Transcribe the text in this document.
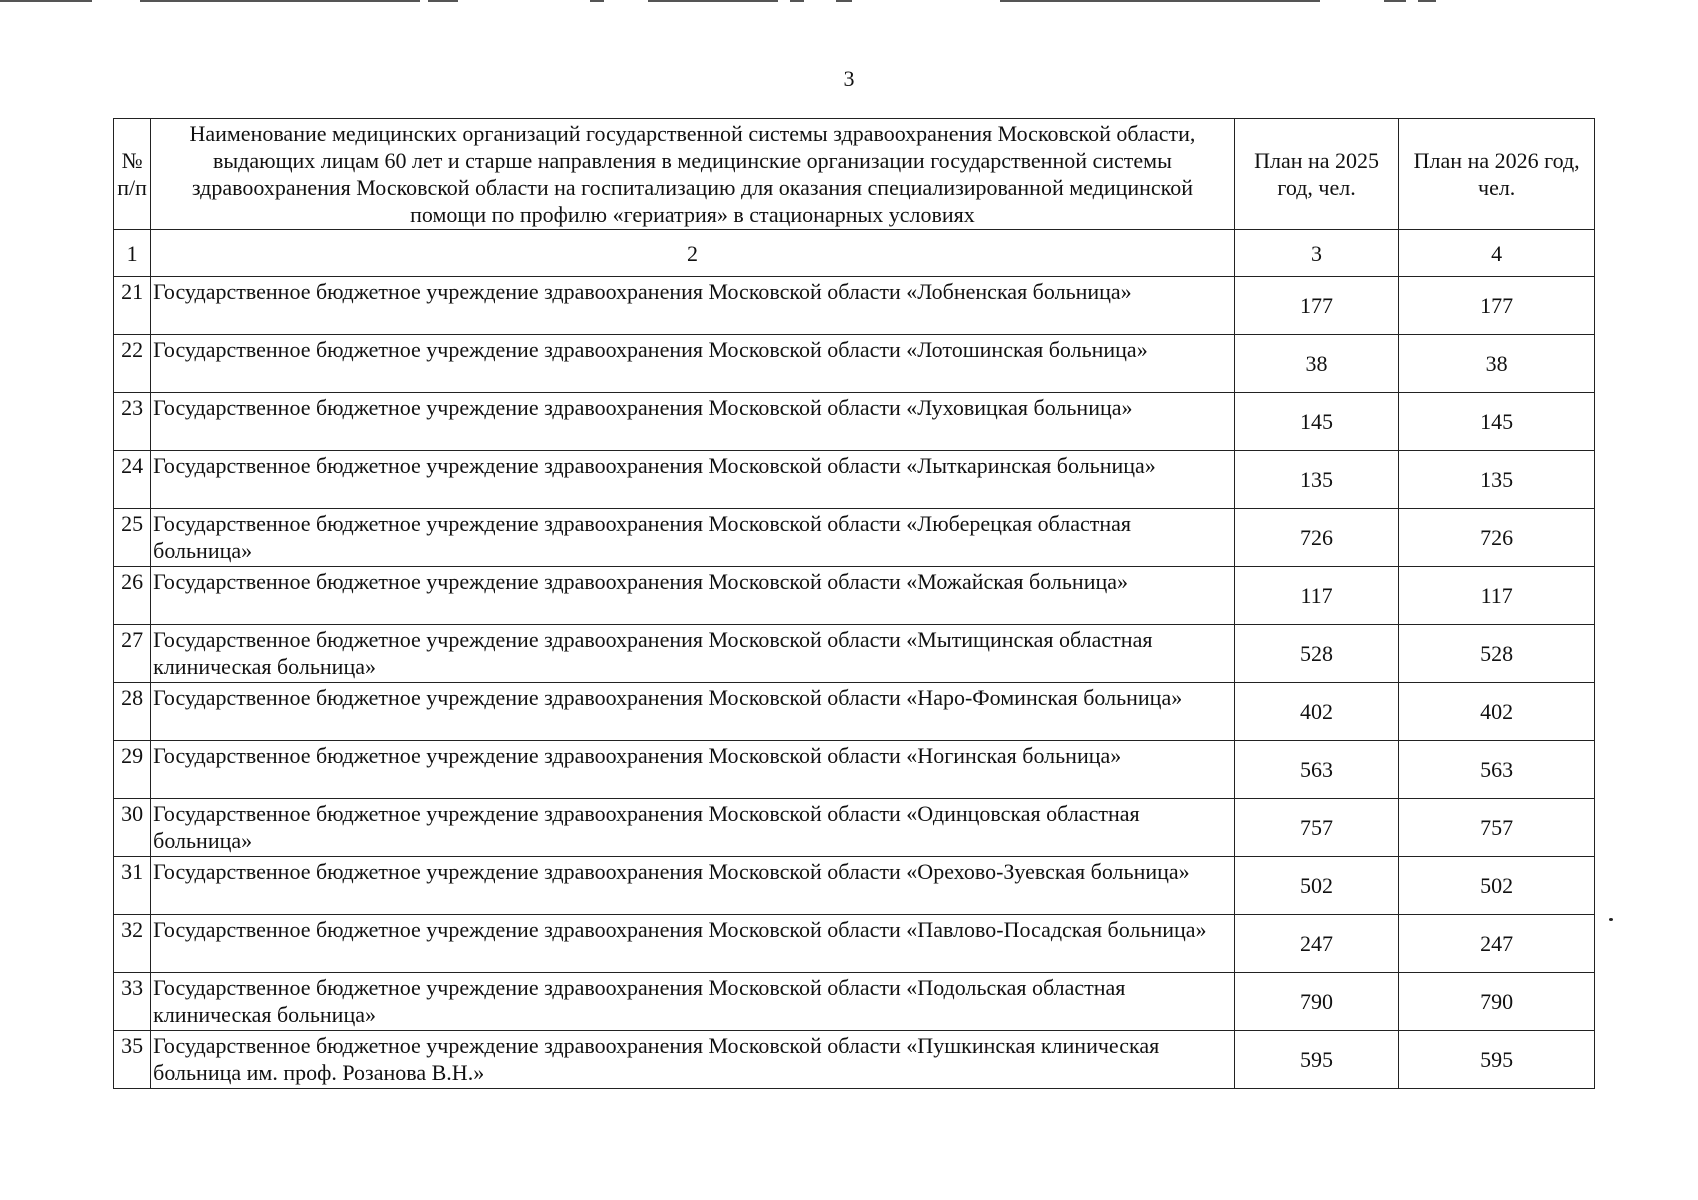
3
№ п/п	Наименование медицинских организаций государственной системы здравоохранения Московской области, выдающих лицам 60 лет и старше направления в медицинские организации государственной системы здравоохранения Московской области на госпитализацию для оказания специализированной медицинской помощи по профилю «гериатрия» в стационарных условиях	План на 2025 год, чел.	План на 2026 год, чел.
1	2	3	4
21	Государственное бюджетное учреждение здравоохранения Московской области «Лобненская больница»	177	177
22	Государственное бюджетное учреждение здравоохранения Московской области «Лотошинская больница»	38	38
23	Государственное бюджетное учреждение здравоохранения Московской области «Луховицкая больница»	145	145
24	Государственное бюджетное учреждение здравоохранения Московской области «Лыткаринская больница»	135	135
25	Государственное бюджетное учреждение здравоохранения Московской области «Люберецкая областная больница»	726	726
26	Государственное бюджетное учреждение здравоохранения Московской области «Можайская больница»	117	117
27	Государственное бюджетное учреждение здравоохранения Московской области «Мытищинская областная клиническая больница»	528	528
28	Государственное бюджетное учреждение здравоохранения Московской области «Наро-Фоминская больница»	402	402
29	Государственное бюджетное учреждение здравоохранения Московской области «Ногинская больница»	563	563
30	Государственное бюджетное учреждение здравоохранения Московской области «Одинцовская областная больница»	757	757
31	Государственное бюджетное учреждение здравоохранения Московской области «Орехово-Зуевская больница»	502	502
32	Государственное бюджетное учреждение здравоохранения Московской области «Павлово-Посадская больница»	247	247
33	Государственное бюджетное учреждение здравоохранения Московской области «Подольская областная клиническая больница»	790	790
35	Государственное бюджетное учреждение здравоохранения Московской области «Пушкинская клиническая больница им. проф. Розанова В.Н.»	595	595
